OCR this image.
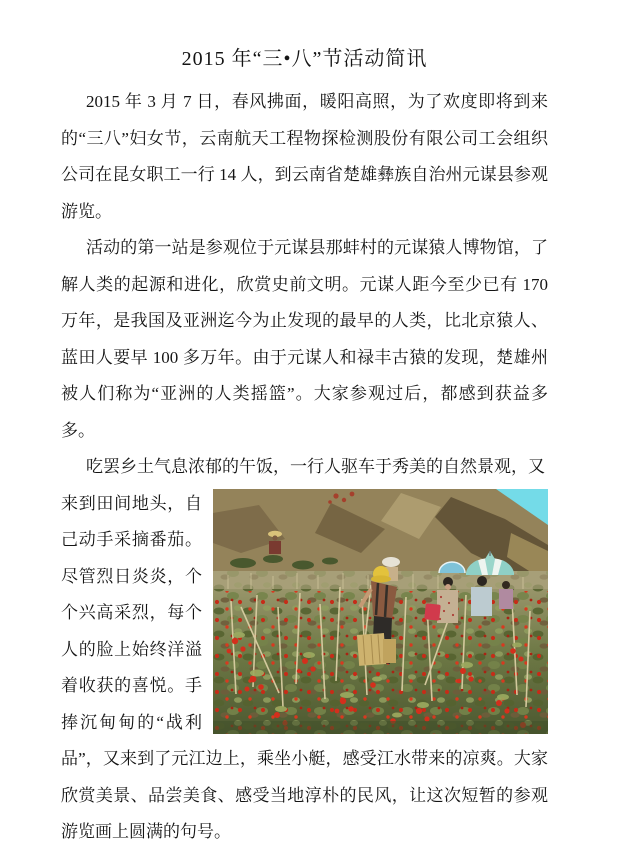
2015 年“三•八”节活动简讯

2015 年 3 月 7 日，春风拂面，暖阳高照，为了欢度即将到来的“三八”妇女节，云南航天工程物探检测股份有限公司工会组织公司在昆女职工一行 14 人，到云南省楚雄彝族自治州元谋县参观游览。

活动的第一站是参观位于元谋县那蚌村的元谋猿人博物馆，了解人类的起源和进化，欣赏史前文明。元谋人距今至少已有 170 万年，是我国及亚洲迄今为止发现的最早的人类，比北京猿人、蓝田人要早 100 多万年。由于元谋人和禄丰古猿的发现，楚雄州被人们称为“亚洲的人类摇篮”。大家参观过后，都感到获益多多。

吃罢乡土气息浓郁的午饭，一行人驱车于秀美的自然景观，又

来到田间地头，自己动手采摘番茄。尽管烈日炎炎，个个兴高采烈，每个人的脸上始终洋溢着收获的喜悦。手捧沉甸甸的“战利品”，又来到了元江边上，乘坐小艇，感受江水带来的凉爽。大家欣赏美景、品尝美食、感受当地淳朴的民风，让这次短暂的参观游览画上圆满的句号。
